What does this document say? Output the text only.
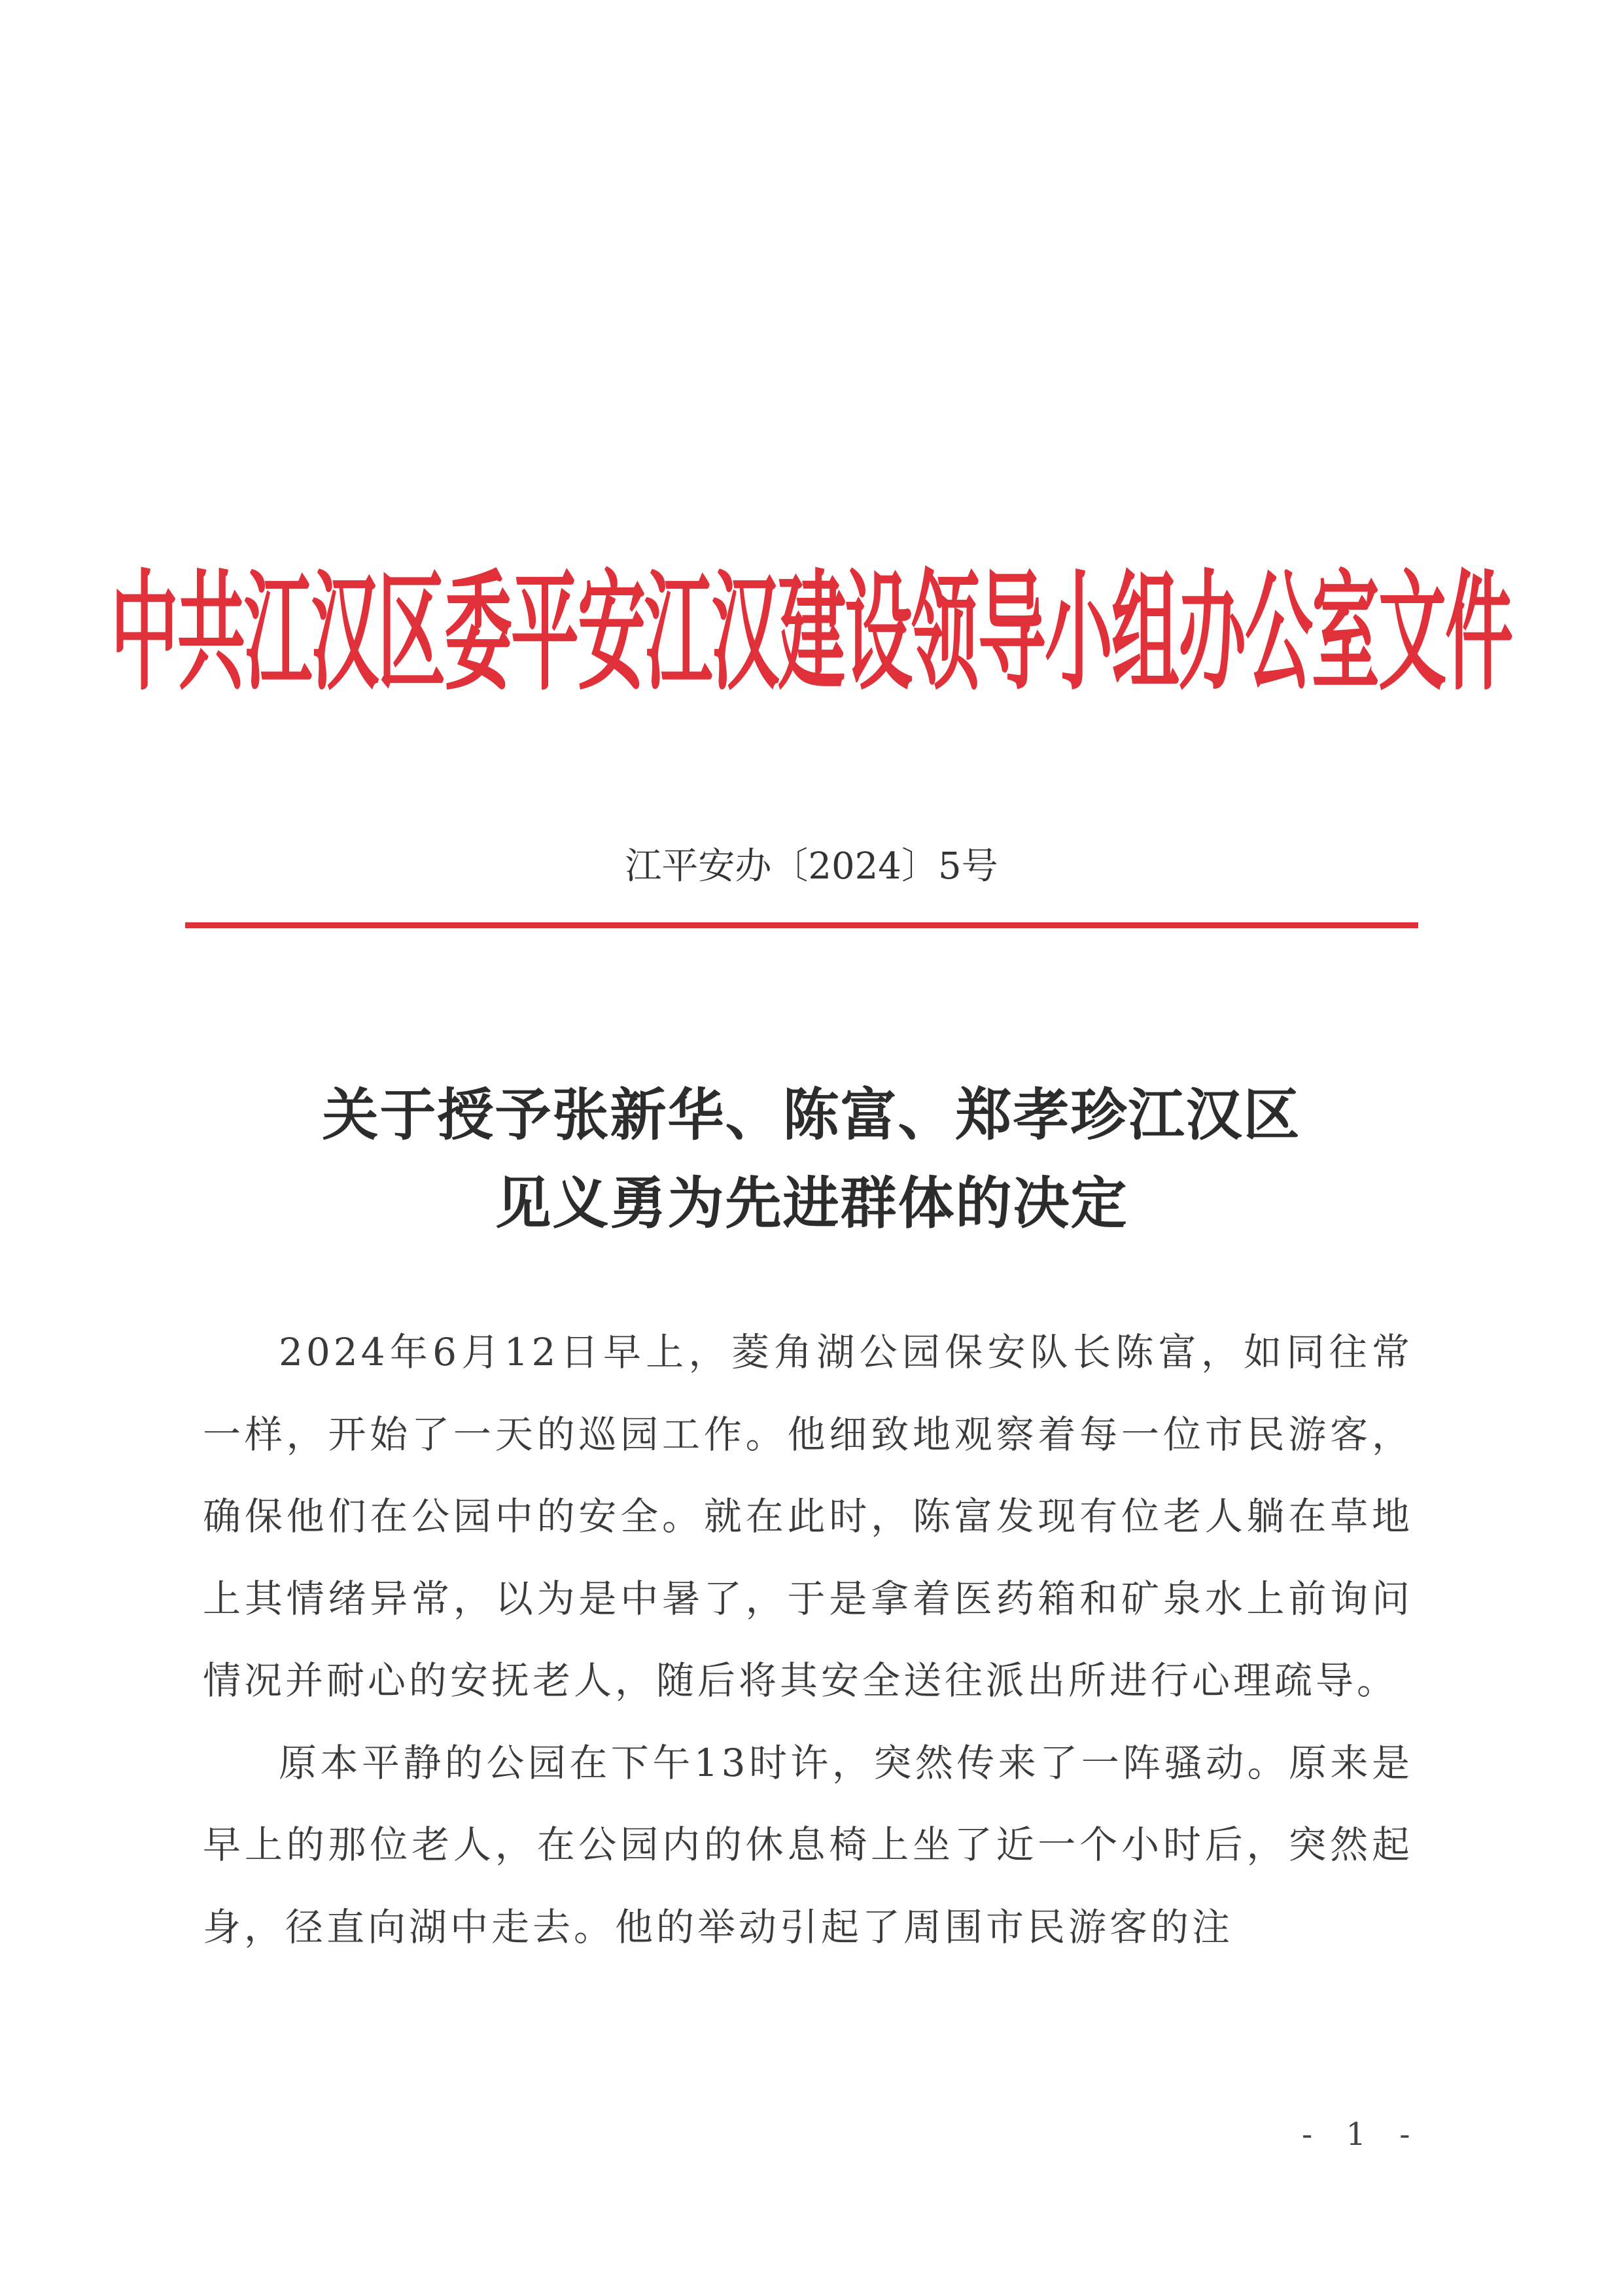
中共江汉区委平安江汉建设领导小组办公室文件
江平安办〔2024〕5号
关于授予张新华、陈富、郑孝珍江汉区
见义勇为先进群体的决定

2024年6月12日早上，菱角湖公园保安队长陈富，如同往常一样，开始了一天的巡园工作。他细致地观察着每一位市民游客，确保他们在公园中的安全。就在此时，陈富发现有位老人躺在草地上其情绪异常，以为是中暑了，于是拿着医药箱和矿泉水上前询问情况并耐心的安抚老人，随后将其安全送往派出所进行心理疏导。

原本平静的公园在下午13时许，突然传来了一阵骚动。原来是早上的那位老人，在公园内的休息椅上坐了近一个小时后，突然起身，径直向湖中走去。他的举动引起了周围市民游客的注

- 1 -
